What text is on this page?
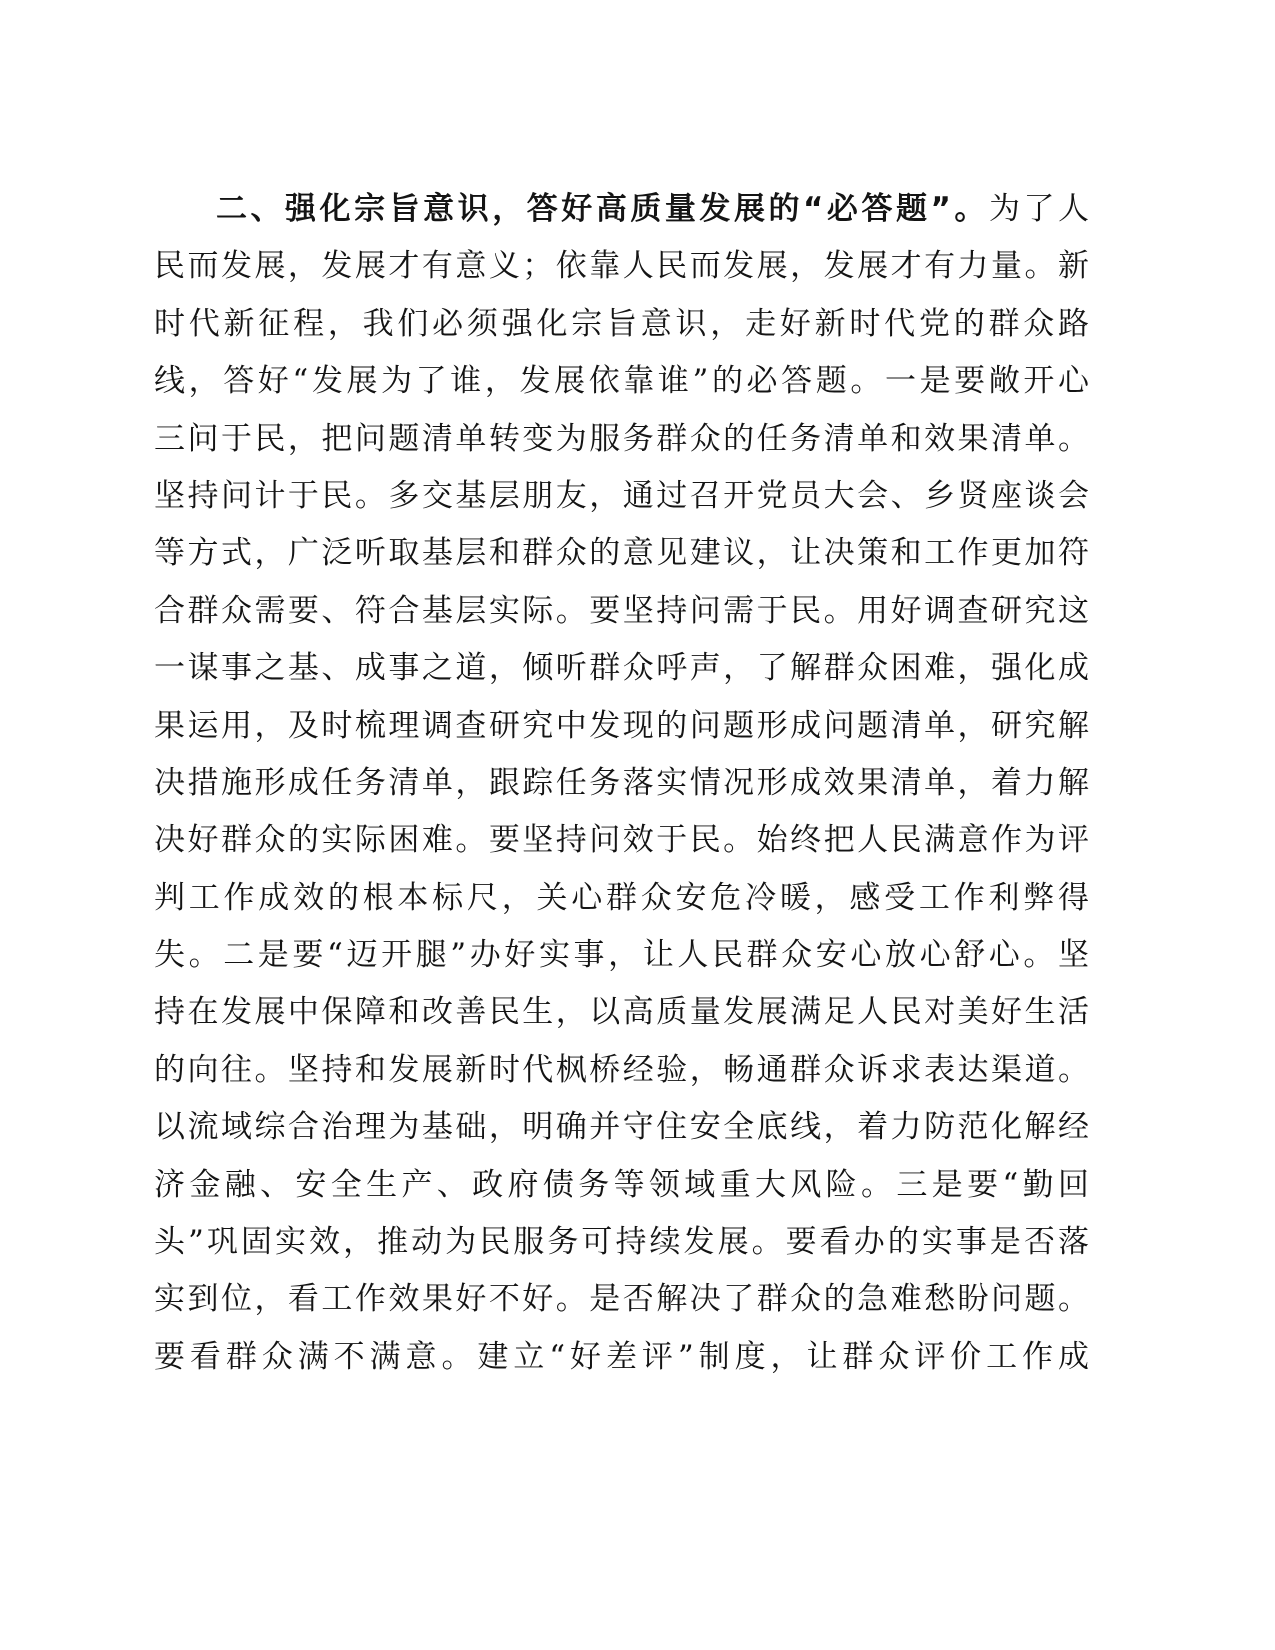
二、强化宗旨意识，答好高质量发展的“必答题”。为了人
民而发展，发展才有意义；依靠人民而发展，发展才有力量。新
时代新征程，我们必须强化宗旨意识，走好新时代党的群众路
线，答好“发展为了谁，发展依靠谁”的必答题。一是要敞开心
三问于民，把问题清单转变为服务群众的任务清单和效果清单。
坚持问计于民。多交基层朋友，通过召开党员大会、乡贤座谈会
等方式，广泛听取基层和群众的意见建议，让决策和工作更加符
合群众需要、符合基层实际。要坚持问需于民。用好调查研究这
一谋事之基、成事之道，倾听群众呼声，了解群众困难，强化成
果运用，及时梳理调查研究中发现的问题形成问题清单，研究解
决措施形成任务清单，跟踪任务落实情况形成效果清单，着力解
决好群众的实际困难。要坚持问效于民。始终把人民满意作为评
判工作成效的根本标尺，关心群众安危冷暖，感受工作利弊得
失。二是要“迈开腿”办好实事，让人民群众安心放心舒心。坚
持在发展中保障和改善民生，以高质量发展满足人民对美好生活
的向往。坚持和发展新时代枫桥经验，畅通群众诉求表达渠道。
以流域综合治理为基础，明确并守住安全底线，着力防范化解经
济金融、安全生产、政府债务等领域重大风险。三是要“勤回
头”巩固实效，推动为民服务可持续发展。要看办的实事是否落
实到位，看工作效果好不好。是否解决了群众的急难愁盼问题。
要看群众满不满意。建立“好差评”制度，让群众评价工作成
